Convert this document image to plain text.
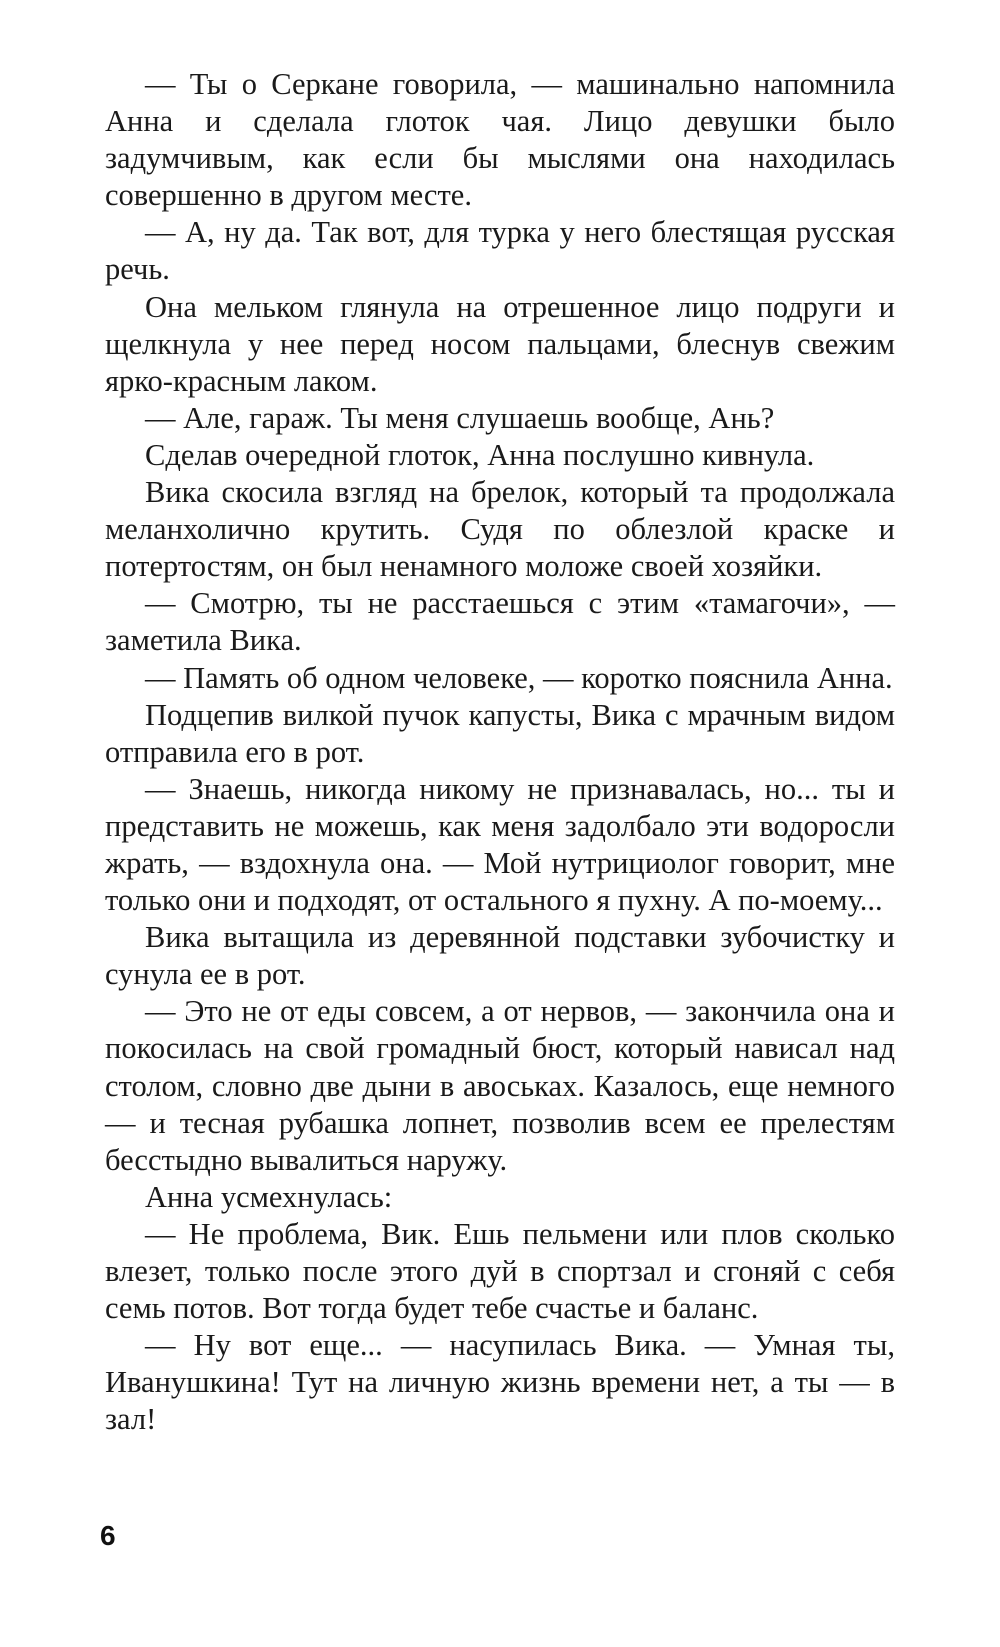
— Ты о Серкане говорила, — машинально напомнила Анна и сделала глоток чая. Лицо девушки было задумчивым, как если бы мыслями она находилась совершенно в другом месте.

— А, ну да. Так вот, для турка у него блестящая русская речь.

Она мельком глянула на отрешенное лицо подруги и щелкнула у нее перед носом пальцами, блеснув свежим ярко-красным лаком.

— Але, гараж. Ты меня слушаешь вообще, Ань?

Сделав очередной глоток, Анна послушно кивнула.

Вика скосила взгляд на брелок, который та продолжала меланхолично крутить. Судя по облезлой краске и потертостям, он был ненамного моложе своей хозяйки.

— Смотрю, ты не расстаешься с этим «тамагочи», — заметила Вика.

— Память об одном человеке, — коротко пояснила Анна.

Подцепив вилкой пучок капусты, Вика с мрачным видом отправила его в рот.

— Знаешь, никогда никому не признавалась, но... ты и представить не можешь, как меня задолбало эти водоросли жрать, — вздохнула она. — Мой нутрициолог говорит, мне только они и подходят, от остального я пухну. А по-моему...

Вика вытащила из деревянной подставки зубочистку и сунула ее в рот.

— Это не от еды совсем, а от нервов, — закончила она и покосилась на свой громадный бюст, который нависал над столом, словно две дыни в авоськах. Казалось, еще немного — и тесная рубашка лопнет, позволив всем ее прелестям бесстыдно вывалиться наружу.

Анна усмехнулась:

— Не проблема, Вик. Ешь пельмени или плов сколько влезет, только после этого дуй в спортзал и сгоняй с себя семь потов. Вот тогда будет тебе счастье и баланс.

— Ну вот еще... — насупилась Вика. — Умная ты, Иванушкина! Тут на личную жизнь времени нет, а ты — в зал!

6
